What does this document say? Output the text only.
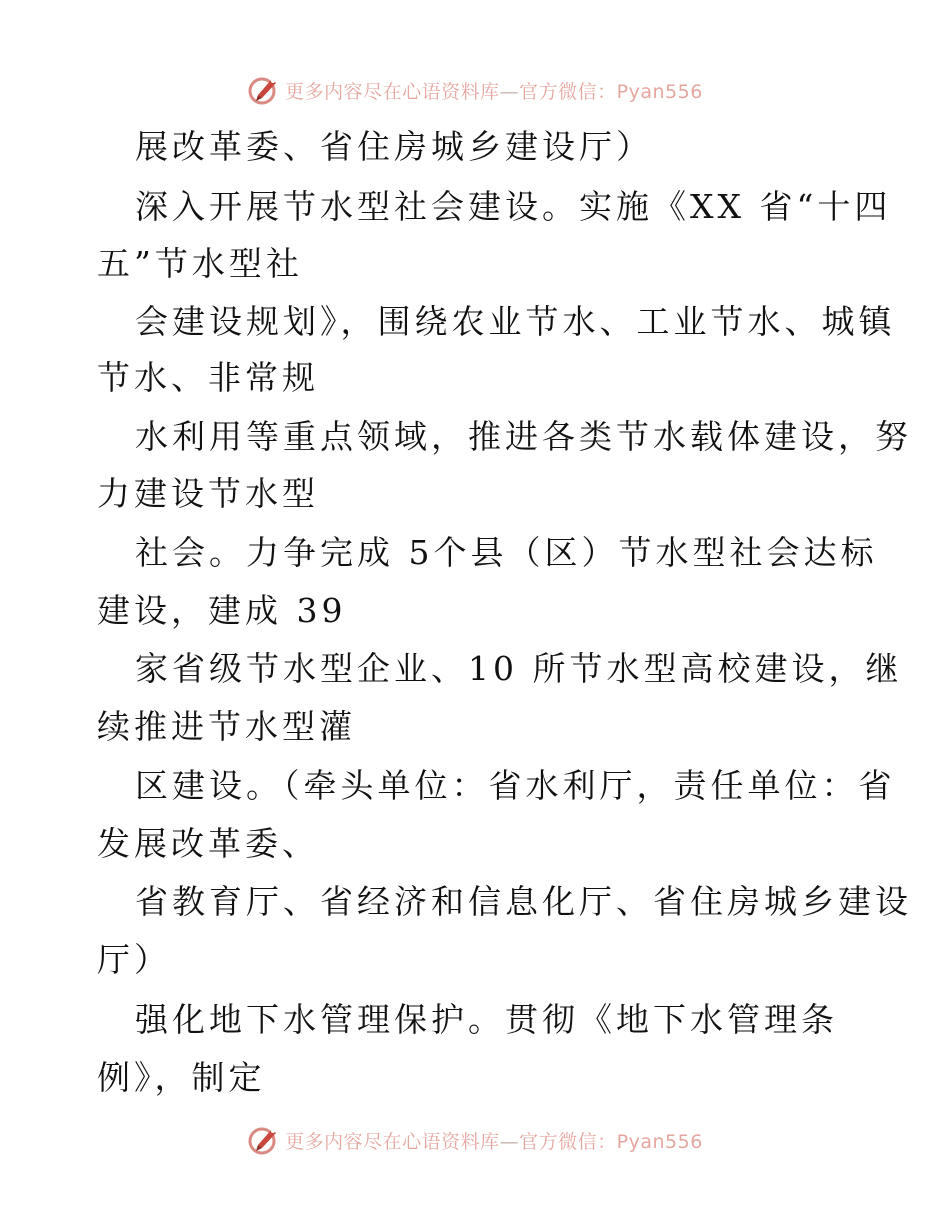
更多内容尽在心语资料库—官方微信：Pyan556
展改革委、省住房城乡建设厅）
深入开展节水型社会建设。实施《XX 省“十四
五”节水型社
会建设规划》，围绕农业节水、工业节水、城镇
节水、非常规
水利用等重点领域，推进各类节水载体建设，努
力建设节水型
社会。力争完成 5个县（区）节水型社会达标
建设，建成 39
家省级节水型企业、10 所节水型高校建设，继
续推进节水型灌
区建设。（牵头单位：省水利厅，责任单位：省
发展改革委、
省教育厅、省经济和信息化厅、省住房城乡建设
厅）
强化地下水管理保护。贯彻《地下水管理条
例》，制定
更多内容尽在心语资料库—官方微信：Pyan556
